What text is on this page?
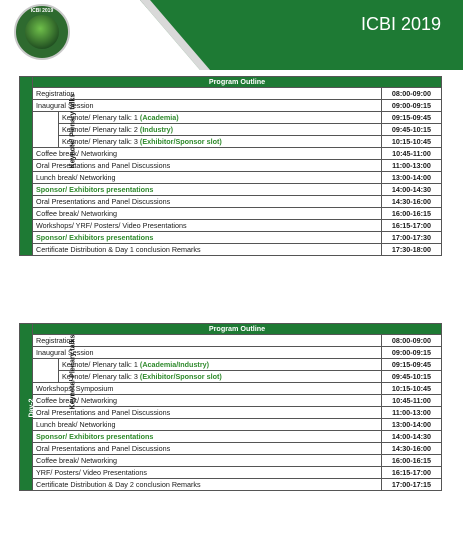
ICBI 2019
ICBI 2019
	Program Outline		
	Registration		08:00-09:00
	Inaugural Session		09:00-09:15
	Keynote/ Plenary talks	Keynote/ Plenary talk: 1 (Academia)	09:15-09:45
		Keynote/ Plenary talk: 2 (Industry)	09:45-10:15
		Keynote/ Plenary talk: 3 (Exhibitor/Sponsor slot)	10:15-10:45
	Coffee break/ Networking		10:45-11:00
	Oral Presentations and Panel Discussions		11:00-13:00
	Lunch break/ Networking		13:00-14:00
	Sponsor/ Exhibitors presentations		14:00-14:30
	Oral Presentations and Panel Discussions		14:30-16:00
	Coffee break/ Networking		16:00-16:15
	Workshops/ YRF/ Posters/ Video Presentations		16:15-17:00
	Sponsor/ Exhibitors presentations		17:00-17:30
	Certificate Distribution & Day 1 conclusion Remarks		17:30-18:00
Day-2	Program Outline		
	Registration		08:00-09:00
	Inaugural Session		09:00-09:15
	Keynote/ Plenary talks	Keynote/ Plenary talk: 1 (Academia/Industry)	09:15-09:45
		Keynote/ Plenary talk: 3 (Exhibitor/Sponsor slot)	09:45-10:15
	Workshops/ Symposium		10:15-10:45
	Coffee break/ Networking		10:45-11:00
	Oral Presentations and Panel Discussions		11:00-13:00
	Lunch break/ Networking		13:00-14:00
	Sponsor/ Exhibitors presentations		14:00-14:30
	Oral Presentations and Panel Discussions		14:30-16:00
	Coffee break/ Networking		16:00-16:15
	YRF/ Posters/ Video Presentations		16:15-17:00
	Certificate Distribution & Day 2 conclusion Remarks		17:00-17:15
